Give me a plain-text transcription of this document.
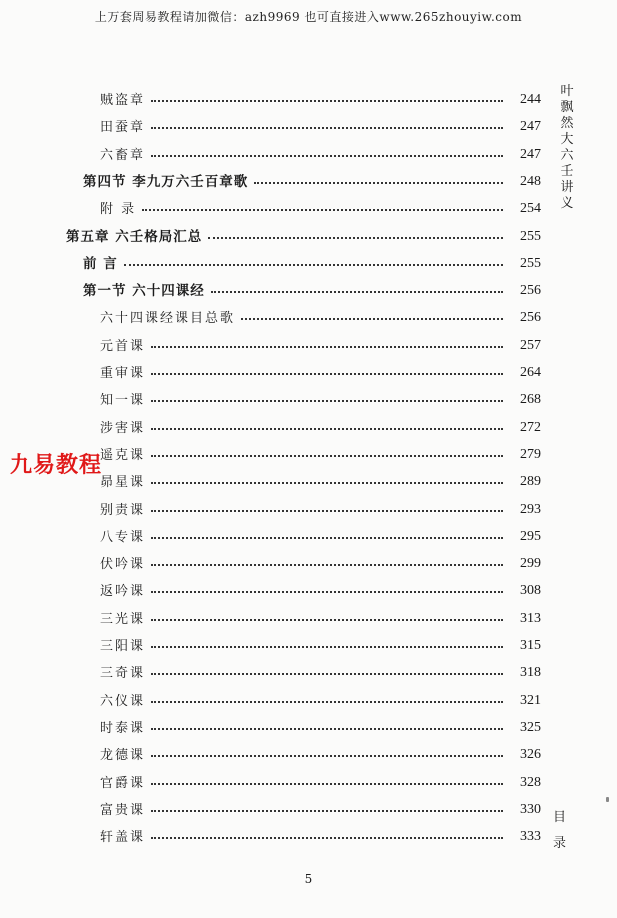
上万套周易教程请加微信：azh9969 也可直接进入www.265zhouyiw.com
贼盗章	244
田蚕章	247
六畜章	247
第四节 李九万六壬百章歌	248
附 录	254
第五章 六壬格局汇总	255
前 言	255
第一节 六十四课经	256
六十四课经课目总歌	256
元首课	257
重审课	264
知一课	268
涉害课	272
遥克课	279
昴星课	289
别责课	293
八专课	295
伏吟课	299
返吟课	308
三光课	313
三阳课	315
三奇课	318
六仪课	321
时泰课	325
龙德课	326
官爵课	328
富贵课	330
轩盖课	333
叶飘然大六壬讲义
目
录
九易教程
5
